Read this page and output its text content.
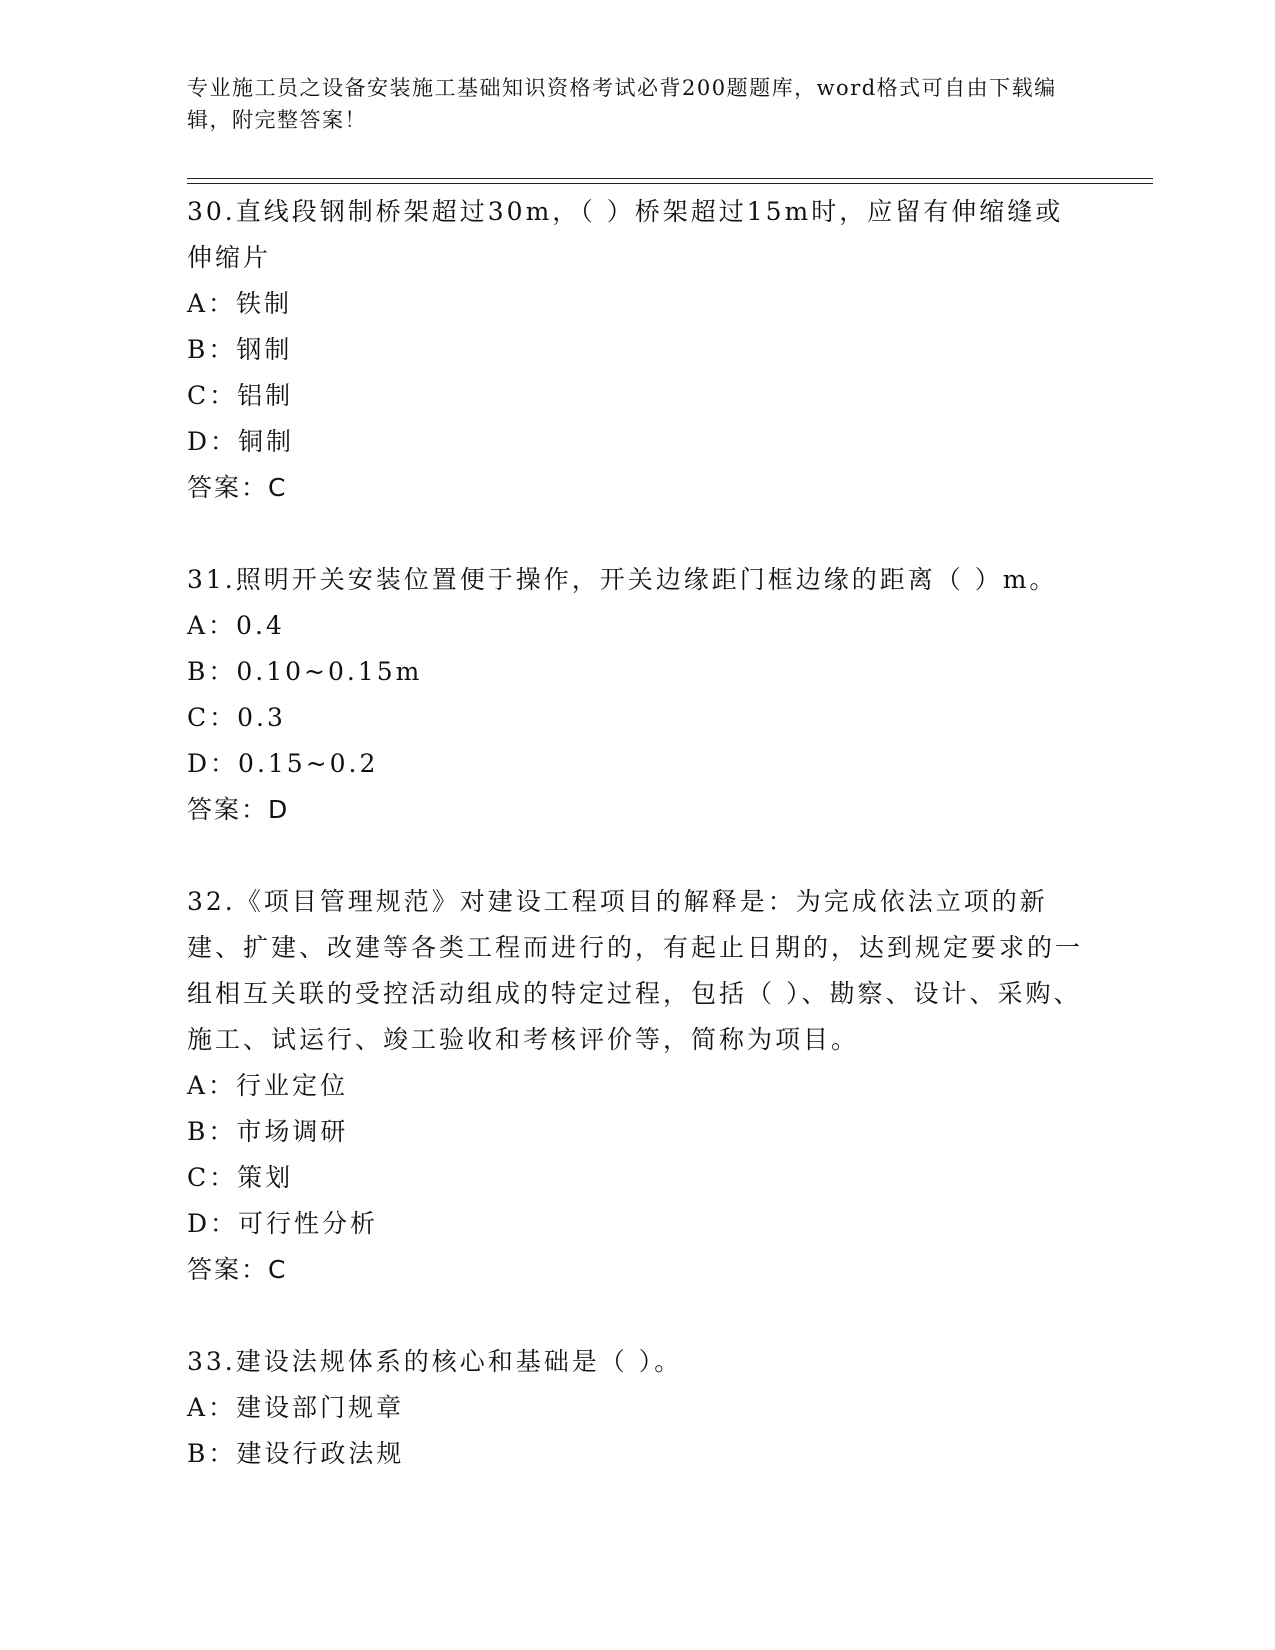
专业施工员之设备安装施工基础知识资格考试必背200题题库，word格式可自由下载编辑，附完整答案！

30.直线段钢制桥架超过30m，（ ）桥架超过15m时，应留有伸缩缝或伸缩片

A：铁制
B：钢制
C：铝制
D：铜制
答案：C

31.照明开关安装位置便于操作，开关边缘距门框边缘的距离（ ）m。

A：0.4
B：0.10~0.15m
C：0.3
D：0.15~0.2
答案：D

32.《项目管理规范》对建设工程项目的解释是：为完成依法立项的新建、扩建、改建等各类工程而进行的，有起止日期的，达到规定要求的一组相互关联的受控活动组成的特定过程，包括（ ）、勘察、设计、采购、施工、试运行、竣工验收和考核评价等，简称为项目。

A：行业定位
B：市场调研
C：策划
D：可行性分析
答案：C

33.建设法规体系的核心和基础是（ ）。

A：建设部门规章
B：建设行政法规
